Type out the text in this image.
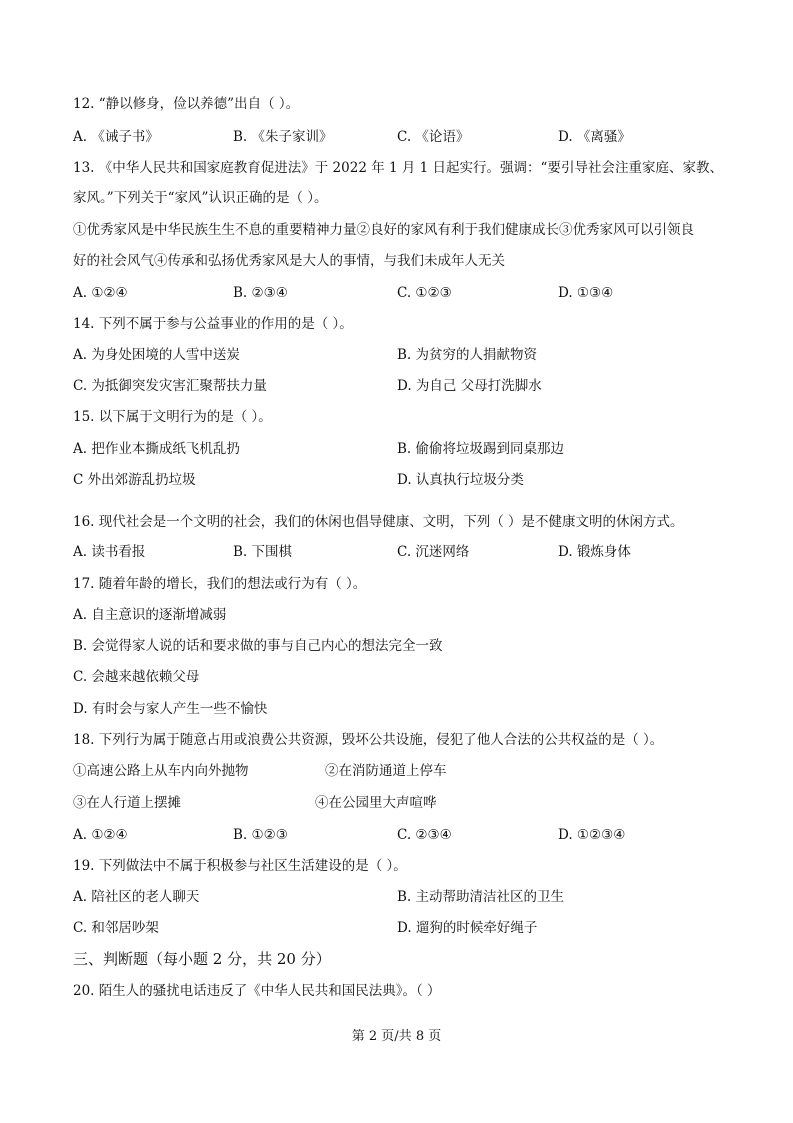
12. “静以修身，俭以养德”出自（ ）。
A. 《诫子书》	B. 《朱子家训》	C. 《论语》	D. 《离骚》
13. 《中华人民共和国家庭教育促进法》于 2022 年 1 月 1 日起实行。强调：“要引导社会注重家庭、家教、
家风。”下列关于“家风”认识正确的是（ ）。
①优秀家风是中华民族生生不息的重要精神力量②良好的家风有利于我们健康成长③优秀家风可以引领良
好的社会风气④传承和弘扬优秀家风是大人的事情，与我们未成年人无关
A. ①②④	B. ②③④	C. ①②③	D. ①③④
14. 下列不属于参与公益事业的作用的是（ ）。
A. 为身处困境的人雪中送炭	B. 为贫穷的人捐献物资
C. 为抵御突发灾害汇聚帮扶力量	D. 为自己 父母打洗脚水
15. 以下属于文明行为的是（ ）。
A. 把作业本撕成纸飞机乱扔	B. 偷偷将垃圾踢到同桌那边
C 外出郊游乱扔垃圾	D. 认真执行垃圾分类
16. 现代社会是一个文明的社会，我们的休闲也倡导健康、文明，下列（ ）是不健康文明的休闲方式。
A. 读书看报	B. 下围棋	C. 沉迷网络	D. 锻炼身体
17. 随着年龄的增长，我们的想法或行为有（ ）。
A. 自主意识的逐渐增减弱
B. 会觉得家人说的话和要求做的事与自己内心的想法完全一致
C. 会越来越依赖父母
D. 有时会与家人产生一些不愉快
18. 下列行为属于随意占用或浪费公共资源，毁坏公共设施，侵犯了他人合法的公共权益的是（ ）。
①高速公路上从车内向外抛物	②在消防通道上停车
③在人行道上摆摊	④在公园里大声喧哗
A. ①②④	B. ①②③	C. ②③④	D. ①②③④
19. 下列做法中不属于积极参与社区生活建设的是（ ）。
A. 陪社区的老人聊天	B. 主动帮助清洁社区的卫生
C. 和邻居吵架	D. 遛狗的时候牵好绳子
三、判断题（每小题 2 分，共 20 分）
20. 陌生人的骚扰电话违反了《中华人民共和国民法典》。（ ）
第 2 页/共 8 页
